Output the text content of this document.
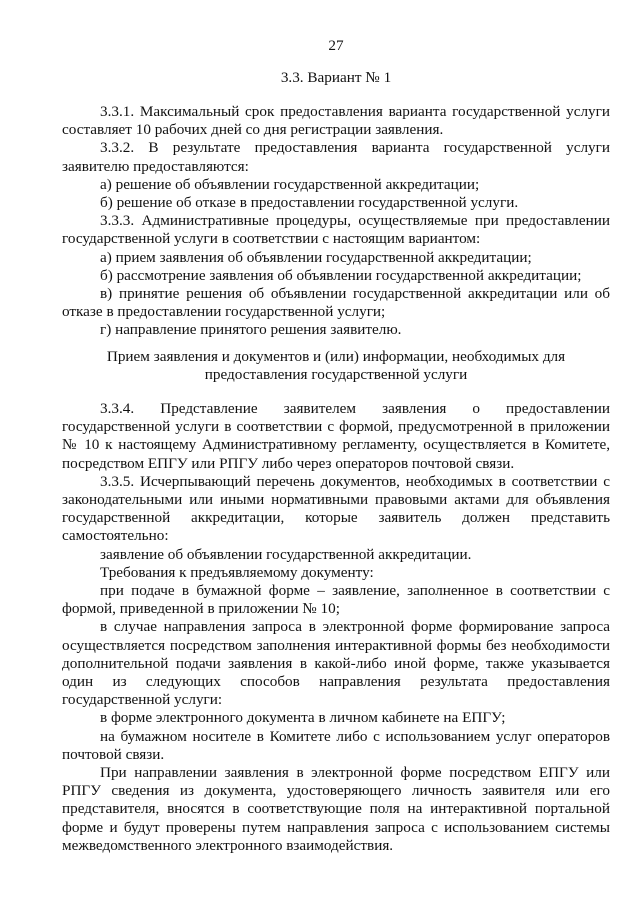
27
3.3. Вариант № 1

3.3.1. Максимальный срок предоставления варианта государственной услуги составляет 10 рабочих дней со дня регистрации заявления.

3.3.2. В результате предоставления варианта государственной услуги заявителю предоставляются:

а) решение об объявлении государственной аккредитации;

б) решение об отказе в предоставлении государственной услуги.

3.3.3. Административные процедуры, осуществляемые при предоставлении государственной услуги в соответствии с настоящим вариантом:

а) прием заявления об объявлении государственной аккредитации;

б) рассмотрение заявления об объявлении государственной аккредитации;

в) принятие решения об объявлении государственной аккредитации или об отказе в предоставлении государственной услуги;

г) направление принятого решения заявителю.

Прием заявления и документов и (или) информации, необходимых для

предоставления государственной услуги

3.3.4. Представление заявителем заявления о предоставлении государственной услуги в соответствии с формой, предусмотренной в приложении № 10 к настоящему Административному регламенту, осуществляется в Комитете, посредством ЕПГУ или РПГУ либо через операторов почтовой связи.

3.3.5. Исчерпывающий перечень документов, необходимых в соответствии с законодательными или иными нормативными правовыми актами для объявления государственной аккредитации, которые заявитель должен представить самостоятельно:

заявление об объявлении государственной аккредитации.

Требования к предъявляемому документу:

при подаче в бумажной форме – заявление, заполненное в соответствии с формой, приведенной в приложении № 10;

в случае направления запроса в электронной форме формирование запроса осуществляется посредством заполнения интерактивной формы без необходимости дополнительной подачи заявления в какой-либо иной форме, также указывается один из следующих способов направления результата предоставления государственной услуги:

в форме электронного документа в личном кабинете на ЕПГУ;

на бумажном носителе в Комитете либо с использованием услуг операторов почтовой связи.

При направлении заявления в электронной форме посредством ЕПГУ или РПГУ сведения из документа, удостоверяющего личность заявителя или его представителя, вносятся в соответствующие поля на интерактивной портальной форме и будут проверены путем направления запроса с использованием системы межведомственного электронного взаимодействия.
